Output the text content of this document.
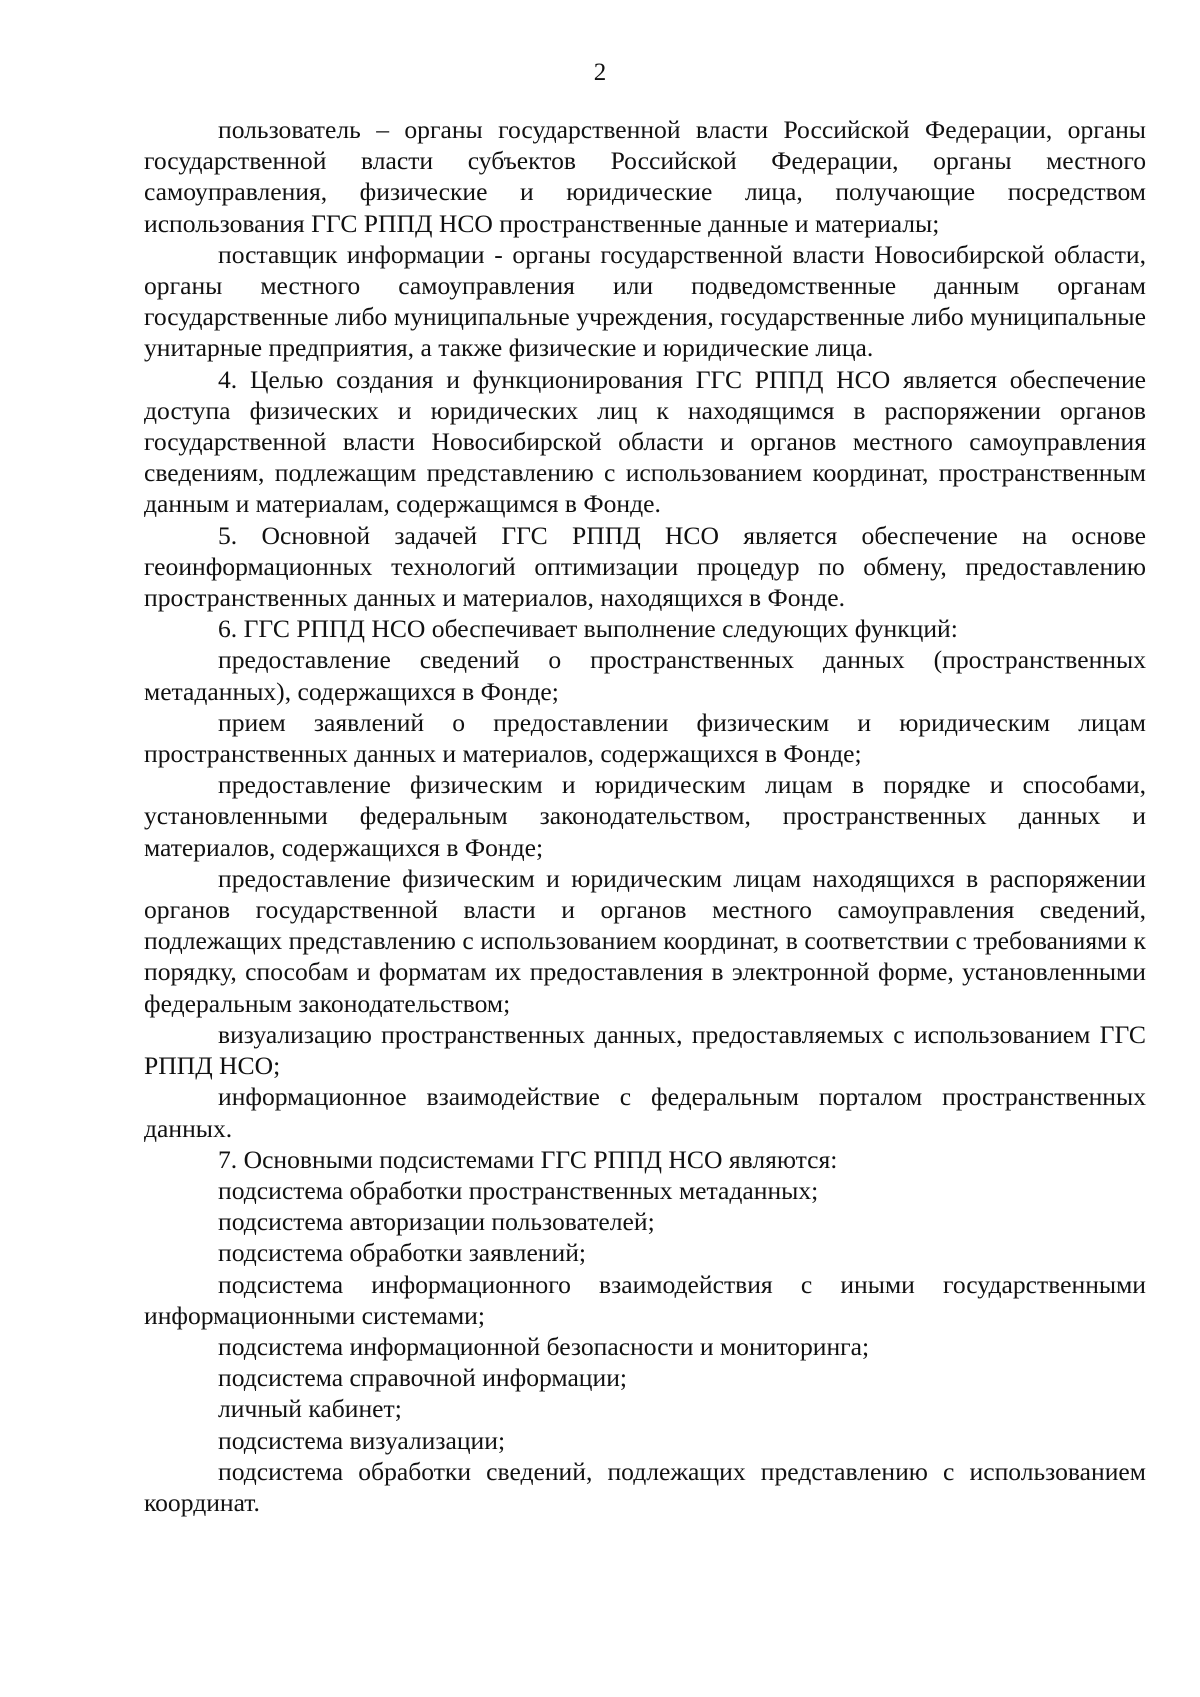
2

пользователь – органы государственной власти Российской Федерации, органы государственной власти субъектов Российской Федерации, органы местного самоуправления, физические и юридические лица, получающие посредством использования ГГС РППД НСО пространственные данные и материалы;

поставщик информации - органы государственной власти Новосибирской области, органы местного самоуправления или подведомственные данным органам государственные либо муниципальные учреждения, государственные либо муниципальные унитарные предприятия, а также физические и юридические лица.

4. Целью создания и функционирования ГГС РППД НСО является обеспечение доступа физических и юридических лиц к находящимся в распоряжении органов государственной власти Новосибирской области и органов местного самоуправления сведениям, подлежащим представлению с использованием координат, пространственным данным и материалам, содержащимся в Фонде.

5. Основной задачей ГГС РППД НСО является обеспечение на основе геоинформационных технологий оптимизации процедур по обмену, предоставлению пространственных данных и материалов, находящихся в Фонде.

6. ГГС РППД НСО обеспечивает выполнение следующих функций:

предоставление сведений о пространственных данных (пространственных метаданных), содержащихся в Фонде;

прием заявлений о предоставлении физическим и юридическим лицам пространственных данных и материалов, содержащихся в Фонде;

предоставление физическим и юридическим лицам в порядке и способами, установленными федеральным законодательством, пространственных данных и материалов, содержащихся в Фонде;

предоставление физическим и юридическим лицам находящихся в распоряжении органов государственной власти и органов местного самоуправления сведений, подлежащих представлению с использованием координат, в соответствии с требованиями к порядку, способам и форматам их предоставления в электронной форме, установленными федеральным законодательством;

визуализацию пространственных данных, предоставляемых с использованием ГГС РППД НСО;

информационное взаимодействие с федеральным порталом пространственных данных.

7. Основными подсистемами ГГС РППД НСО являются:

подсистема обработки пространственных метаданных;

подсистема авторизации пользователей;

подсистема обработки заявлений;

подсистема информационного взаимодействия с иными государственными информационными системами;

подсистема информационной безопасности и мониторинга;

подсистема справочной информации;

личный кабинет;

подсистема визуализации;

подсистема обработки сведений, подлежащих представлению с использованием координат.
